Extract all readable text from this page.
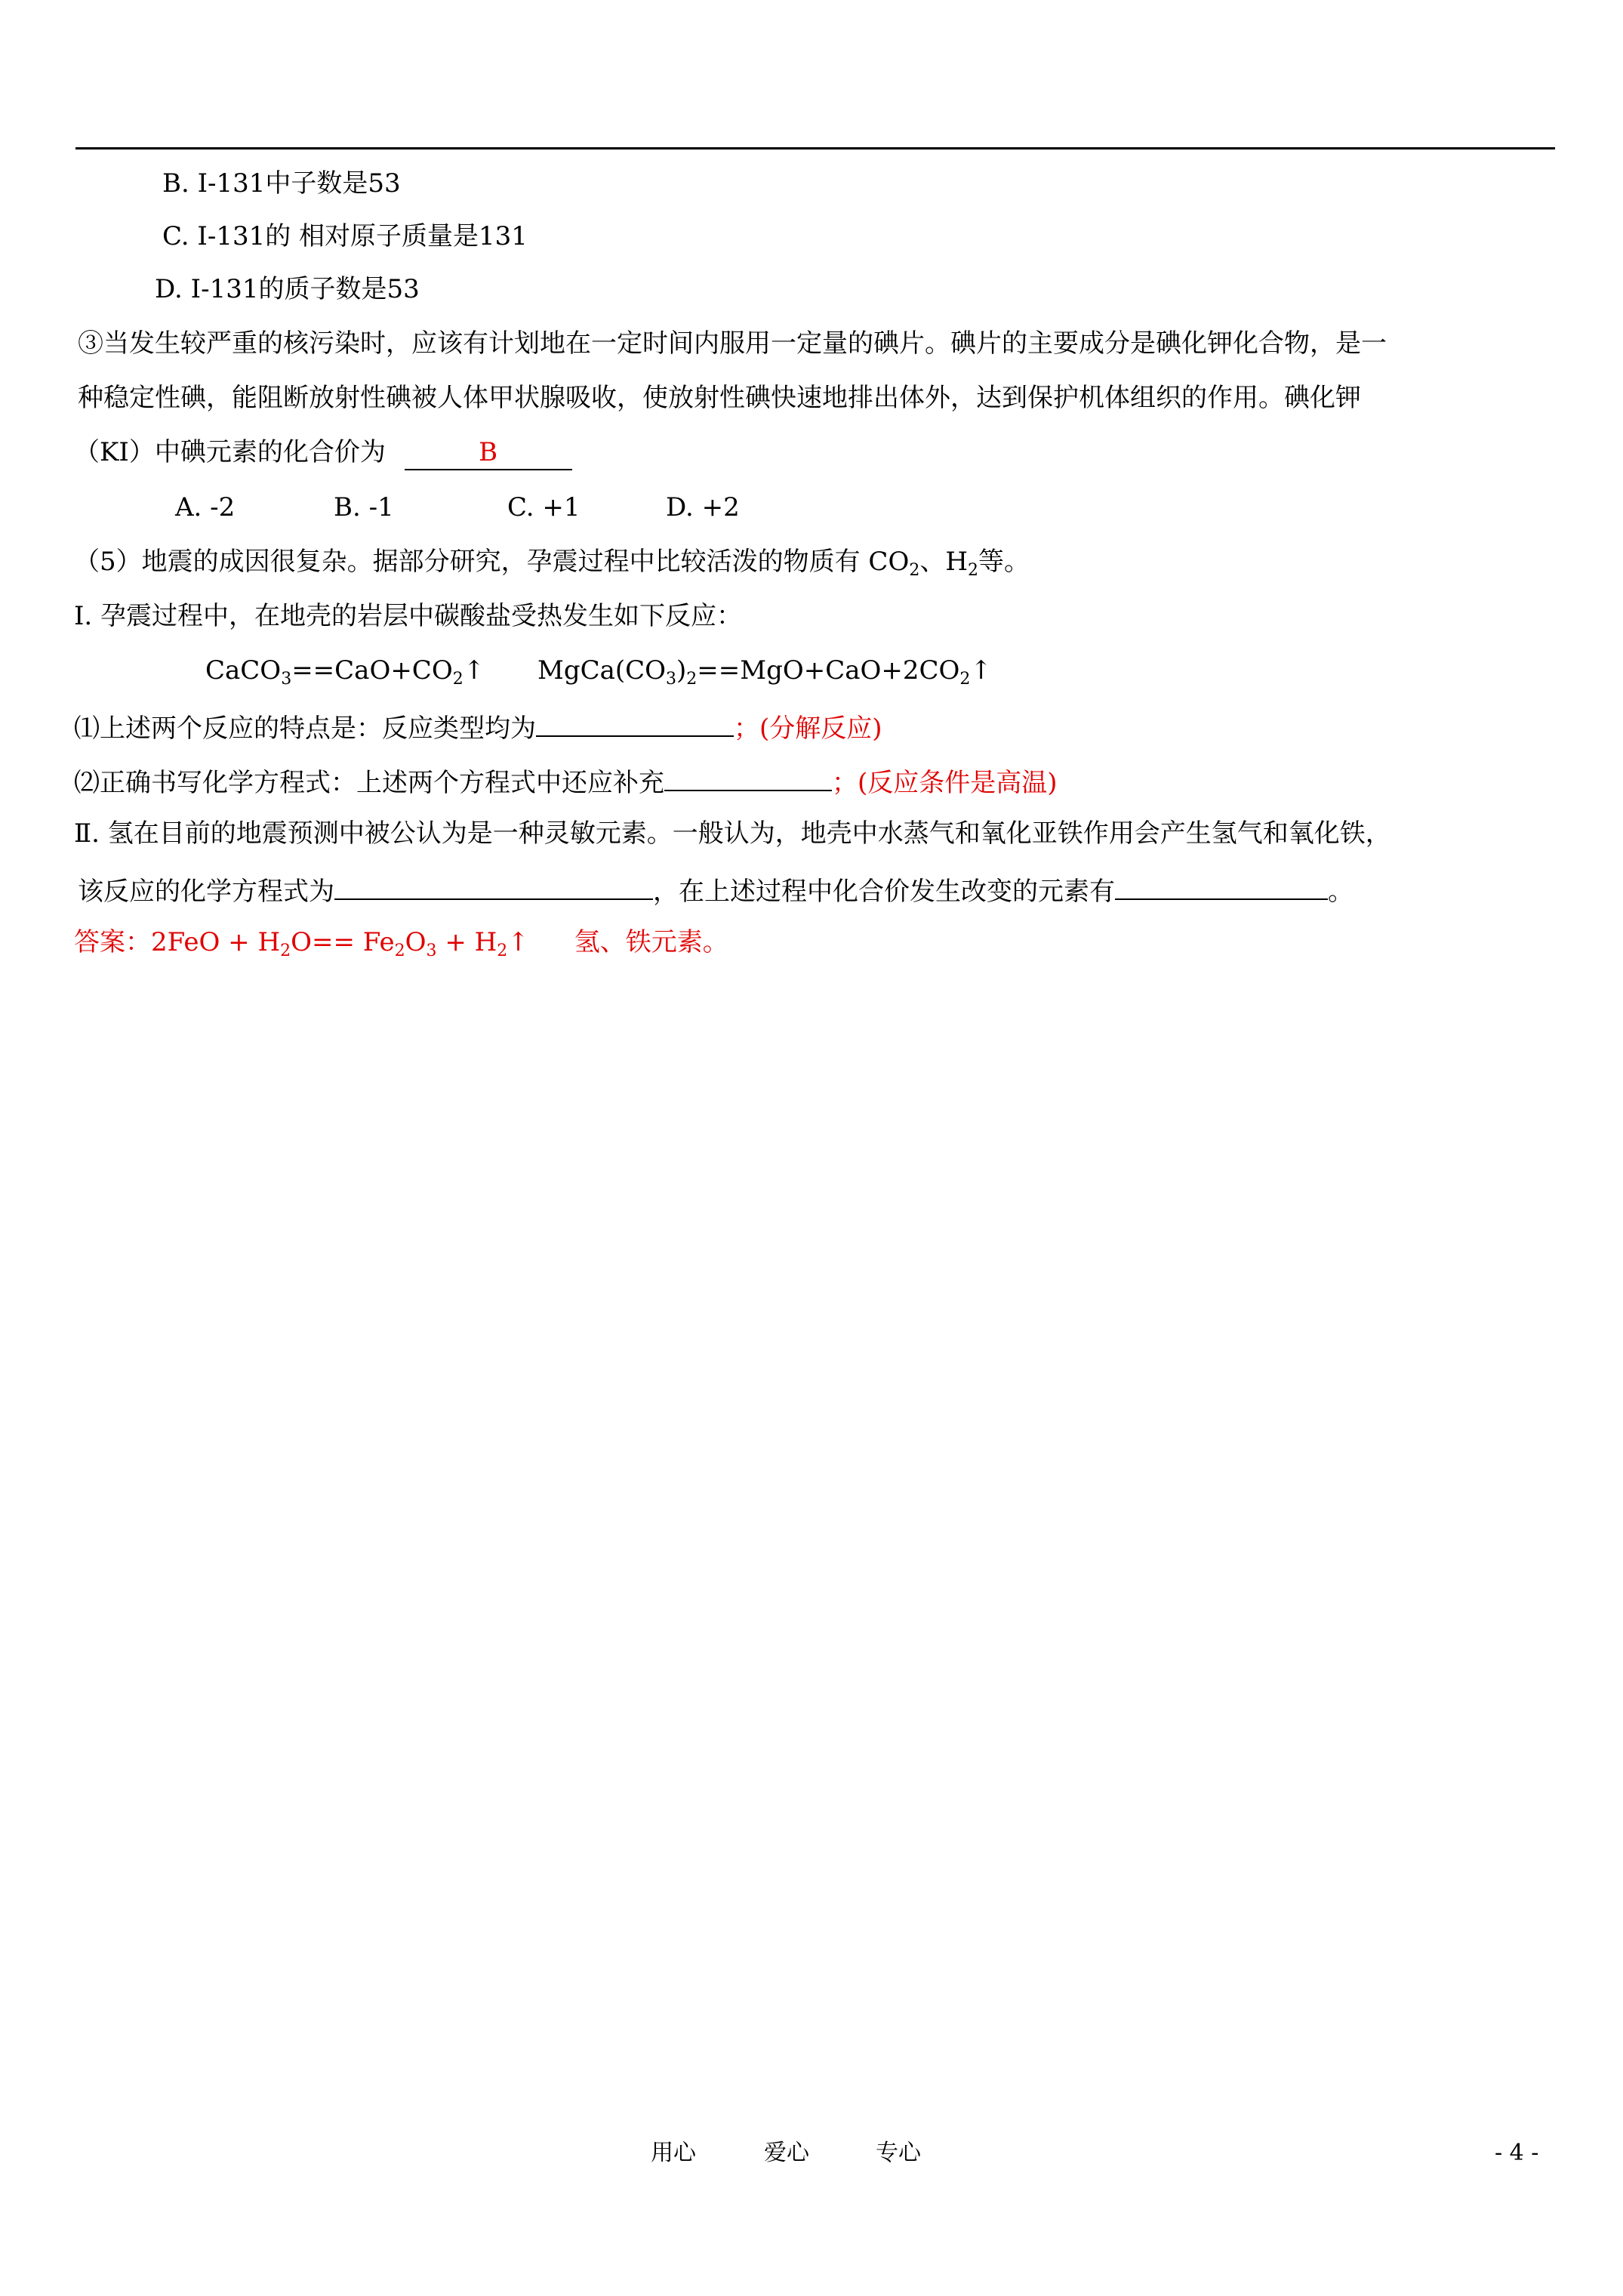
B. I-131中子数是53
C. I-131的 相对原子质量是131
D. I-131的质子数是53
③当发生较严重的核污染时，应该有计划地在一定时间内服用一定量的碘片。碘片的主要成分是碘化钾化合物，是一
种稳定性碘，能阻断放射性碘被人体甲状腺吸收，使放射性碘快速地排出体外，达到保护机体组织的作用。碘化钾
（KI）中碘元素的化合价为	B
A. -2	B. -1	C. +1	D. +2
（5）地震的成因很复杂。据部分研究，孕震过程中比较活泼的物质有 $CO_2$、$H_2$等。
Ⅰ. 孕震过程中，在地壳的岩层中碳酸盐受热发生如下反应：
$CaCO_3==CaO+CO_2↑$ $MgCa(CO_3)_2==MgO+CaO+2CO_2↑$
⑴上述两个反应的特点是：反应类型均为	；(分解反应)
⑵正确书写化学方程式：上述两个方程式中还应补充	；(反应条件是高温)
Ⅱ. 氢在目前的地震预测中被公认为是一种灵敏元素。一般认为，地壳中水蒸气和氧化亚铁作用会产生氢气和氧化铁，
该反应的化学方程式为	，在上述过程中化合价发生改变的元素有	。
答案：$2FeO + H_2O== Fe_2O_3$ + $H_2↑$ 氢、铁元素。
用心	爱心	专心	- 4 -
